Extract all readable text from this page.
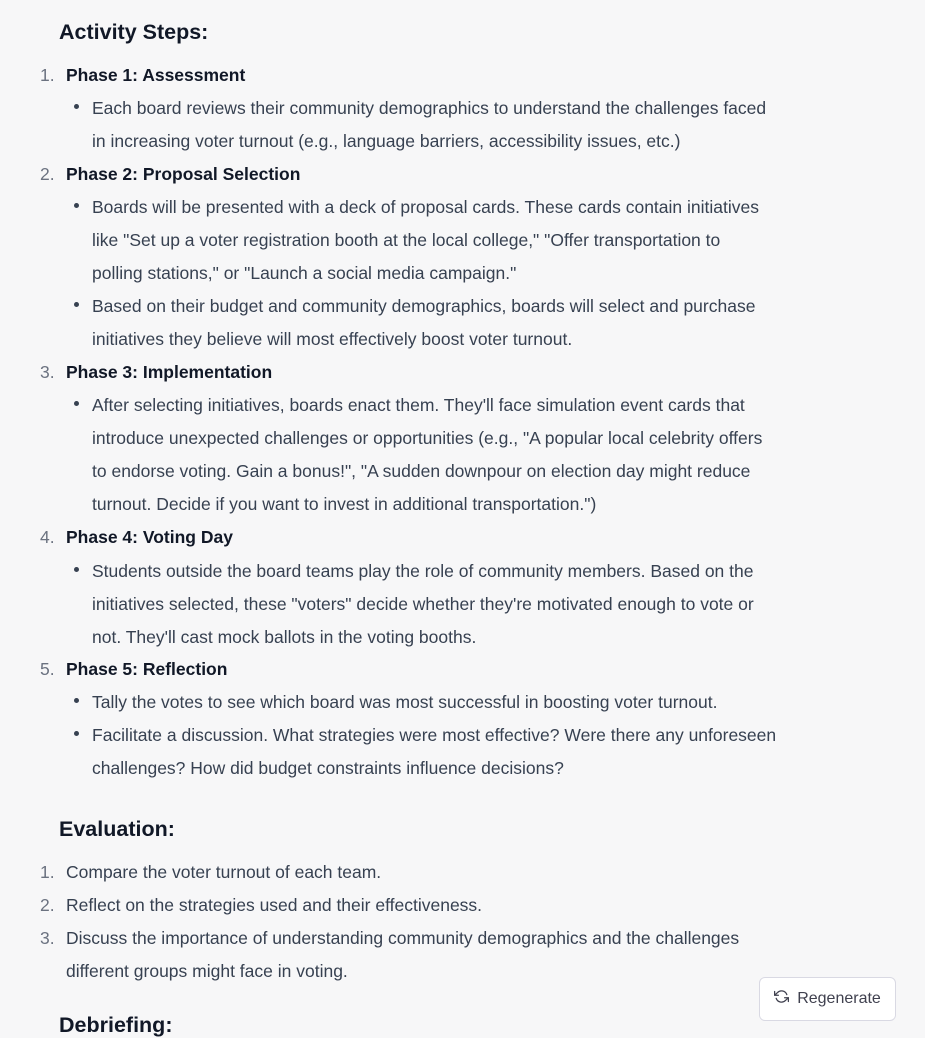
Activity Steps:
1. Phase 1: Assessment
Each board reviews their community demographics to understand the challenges faced
in increasing voter turnout (e.g., language barriers, accessibility issues, etc.)
2. Phase 2: Proposal Selection
Boards will be presented with a deck of proposal cards. These cards contain initiatives
like "Set up a voter registration booth at the local college," "Offer transportation to
polling stations," or "Launch a social media campaign."
Based on their budget and community demographics, boards will select and purchase
initiatives they believe will most effectively boost voter turnout.
3. Phase 3: Implementation
After selecting initiatives, boards enact them. They'll face simulation event cards that
introduce unexpected challenges or opportunities (e.g., "A popular local celebrity offers
to endorse voting. Gain a bonus!", "A sudden downpour on election day might reduce
turnout. Decide if you want to invest in additional transportation.")
4. Phase 4: Voting Day
Students outside the board teams play the role of community members. Based on the
initiatives selected, these "voters" decide whether they're motivated enough to vote or
not. They'll cast mock ballots in the voting booths.
5. Phase 5: Reflection
Tally the votes to see which board was most successful in boosting voter turnout.
Facilitate a discussion. What strategies were most effective? Were there any unforeseen
challenges? How did budget constraints influence decisions?
Evaluation:
1. Compare the voter turnout of each team.
2. Reflect on the strategies used and their effectiveness.
3. Discuss the importance of understanding community demographics and the challenges
different groups might face in voting.
Debriefing:
Regenerate
